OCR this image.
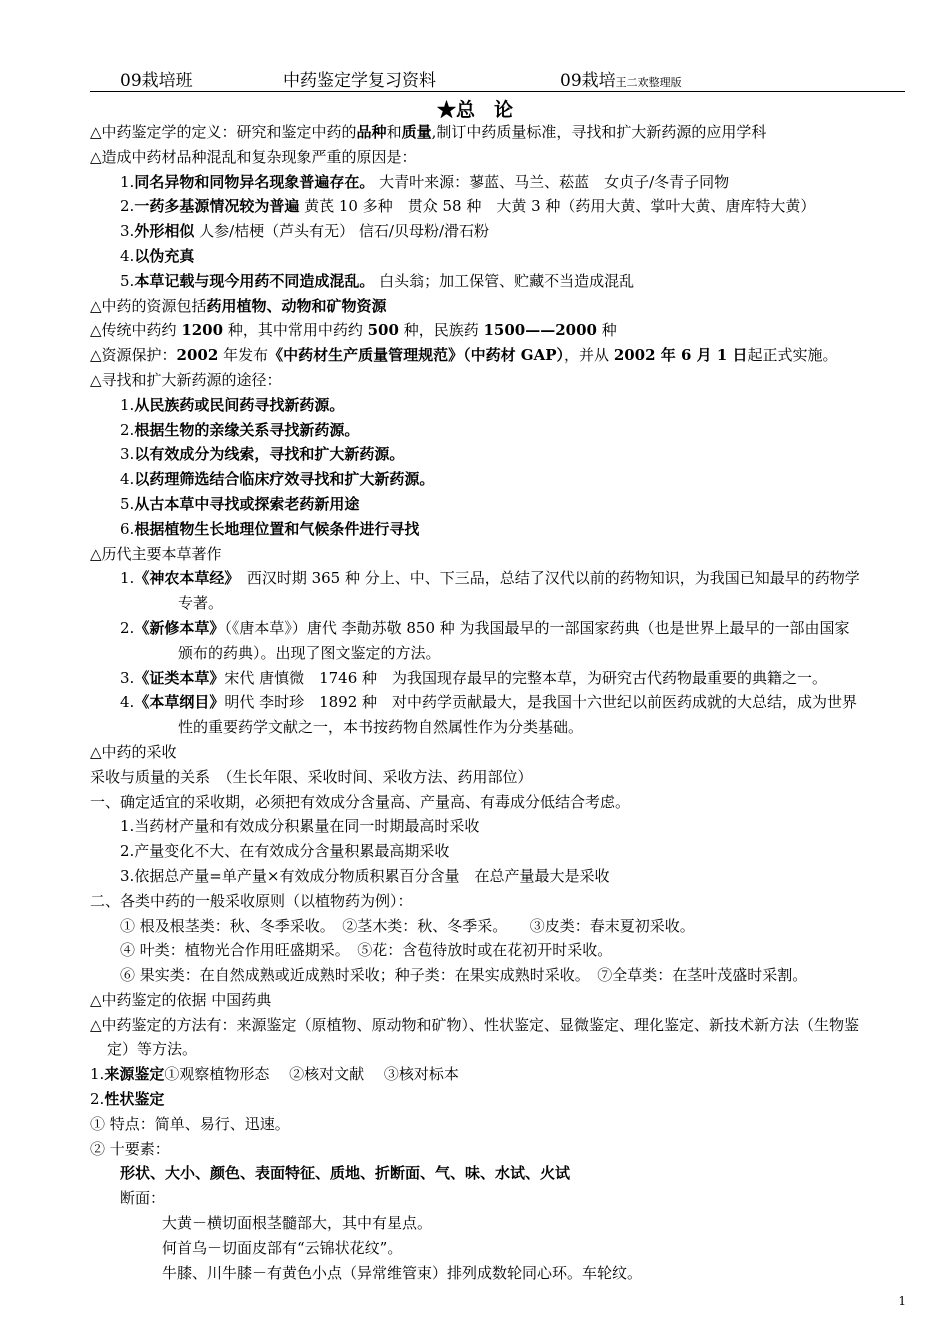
09栽培班	中药鉴定学复习资料	09栽培王二欢整理版
★总　论
△中药鉴定学的定义：研究和鉴定中药的品种和质量,制订中药质量标准，寻找和扩大新药源的应用学科
△造成中药材品种混乱和复杂现象严重的原因是：
1.同名异物和同物异名现象普遍存在。 大青叶来源：蓼蓝、马兰、菘蓝　女贞子/冬青子同物
2.一药多基源情况较为普遍 黄芪 10 多种　贯众 58 种　大黄 3 种（药用大黄、掌叶大黄、唐库特大黄）
3.外形相似 人参/桔梗（芦头有无） 信石/贝母粉/滑石粉
4.以伪充真
5.本草记载与现今用药不同造成混乱。 白头翁；加工保管、贮藏不当造成混乱
△中药的资源包括药用植物、动物和矿物资源
△传统中药约 1200 种，其中常用中药约 500 种，民族药 1500——2000 种
△资源保护：2002 年发布《中药材生产质量管理规范》（中药材 GAP），并从 2002 年 6 月 1 日起正式实施。
△寻找和扩大新药源的途径：
1.从民族药或民间药寻找新药源。
2.根据生物的亲缘关系寻找新药源。
3.以有效成分为线索，寻找和扩大新药源。
4.以药理筛选结合临床疗效寻找和扩大新药源。
5.从古本草中寻找或探索老药新用途
6.根据植物生长地理位置和气候条件进行寻找
△历代主要本草著作
1.《神农本草经》　西汉时期 365 种 分上、中、下三品，总结了汉代以前的药物知识，为我国已知最早的药物学
专著。
2.《新修本草》（《唐本草》）唐代 李勣苏敬 850 种 为我国最早的一部国家药典（也是世界上最早的一部由国家
颁布的药典）。出现了图文鉴定的方法。
3.《证类本草》宋代 唐慎微　1746 种　为我国现存最早的完整本草，为研究古代药物最重要的典籍之一。
4.《本草纲目》明代 李时珍　1892 种　对中药学贡献最大，是我国十六世纪以前医药成就的大总结，成为世界
性的重要药学文献之一，本书按药物自然属性作为分类基础。
△中药的采收
采收与质量的关系　（生长年限、采收时间、采收方法、药用部位）
一、确定适宜的采收期，必须把有效成分含量高、产量高、有毒成分低结合考虑。
1.当药材产量和有效成分积累量在同一时期最高时采收
2.产量变化不大、在有效成分含量积累最高期采收
3.依据总产量=单产量×有效成分物质积累百分含量　在总产量最大是采收
二、各类中药的一般采收原则（以植物药为例）：
① 根及根茎类：秋、冬季采收。　②茎木类：秋、冬季采。　　③皮类：春末夏初采收。
④ 叶类：植物光合作用旺盛期采。　⑤花：含苞待放时或在花初开时采收。
⑥ 果实类：在自然成熟或近成熟时采收；种子类：在果实成熟时采收。　⑦全草类：在茎叶茂盛时采割。
△中药鉴定的依据 中国药典
△中药鉴定的方法有：来源鉴定（原植物、原动物和矿物）、性状鉴定、显微鉴定、理化鉴定、新技术新方法（生物鉴
定）等方法。
1.来源鉴定①观察植物形态　 ②核对文献　 ③核对标本
2.性状鉴定
① 特点：简单、易行、迅速。
② 十要素：
形状、大小、颜色、表面特征、质地、折断面、气、味、水试、火试
断面：
大黄－横切面根茎髓部大，其中有星点。
何首乌－切面皮部有“云锦状花纹”。
牛膝、川牛膝－有黄色小点（异常维管束）排列成数轮同心环。车轮纹。
1
